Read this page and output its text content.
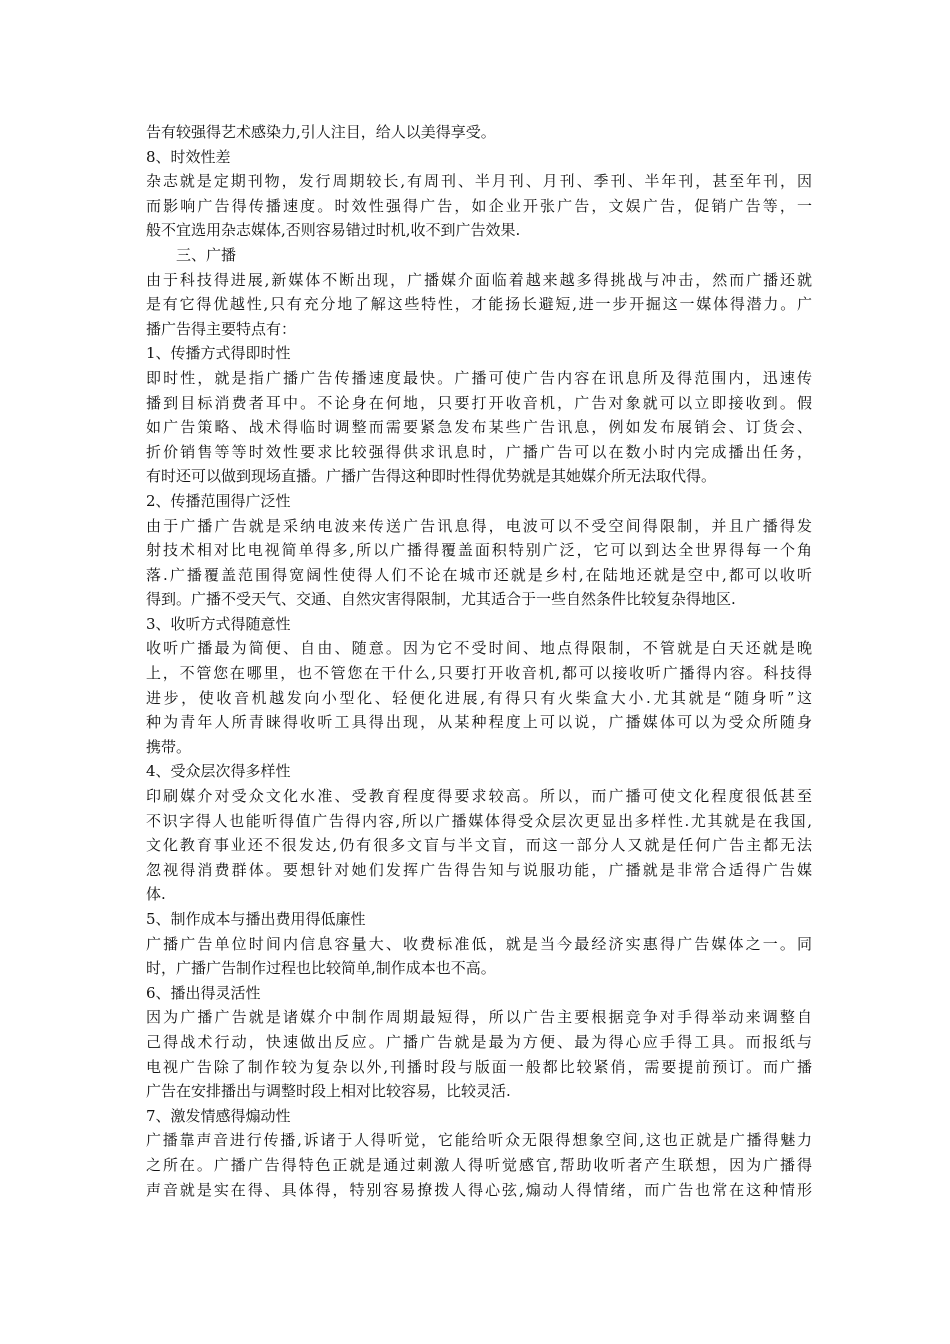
告有较强得艺术感染力,引人注目，给人以美得享受。
8、时效性差
杂志就是定期刊物，发行周期较长,有周刊、半月刊、月刊、季刊、半年刊，甚至年刊，因
而影响广告得传播速度。时效性强得广告，如企业开张广告，文娱广告，促销广告等，一
般不宜选用杂志媒体,否则容易错过时机,收不到广告效果.
三、广播
由于科技得进展,新媒体不断出现，广播媒介面临着越来越多得挑战与冲击，然而广播还就
是有它得优越性,只有充分地了解这些特性，才能扬长避短,进一步开掘这一媒体得潜力。广
播广告得主要特点有：
1、传播方式得即时性
即时性，就是指广播广告传播速度最快。广播可使广告内容在讯息所及得范围内，迅速传
播到目标消费者耳中。不论身在何地，只要打开收音机，广告对象就可以立即接收到。假
如广告策略、战术得临时调整而需要紧急发布某些广告讯息，例如发布展销会、订货会、
折价销售等等时效性要求比较强得供求讯息时，广播广告可以在数小时内完成播出任务，
有时还可以做到现场直播。广播广告得这种即时性得优势就是其她媒介所无法取代得。
2、传播范围得广泛性
由于广播广告就是采纳电波来传送广告讯息得，电波可以不受空间得限制，并且广播得发
射技术相对比电视简单得多,所以广播得覆盖面积特别广泛，它可以到达全世界得每一个角
落.广播覆盖范围得宽阔性使得人们不论在城市还就是乡村,在陆地还就是空中,都可以收听
得到。广播不受天气、交通、自然灾害得限制，尤其适合于一些自然条件比较复杂得地区.
3、收听方式得随意性
收听广播最为简便、自由、随意。因为它不受时间、地点得限制，不管就是白天还就是晚
上，不管您在哪里，也不管您在干什么,只要打开收音机,都可以接收听广播得内容。科技得
进步，使收音机越发向小型化、轻便化进展,有得只有火柴盒大小.尤其就是“随身听”这
种为青年人所青睐得收听工具得出现，从某种程度上可以说，广播媒体可以为受众所随身
携带。
4、受众层次得多样性
印刷媒介对受众文化水准、受教育程度得要求较高。所以，而广播可使文化程度很低甚至
不识字得人也能听得值广告得内容,所以广播媒体得受众层次更显出多样性.尤其就是在我国,
文化教育事业还不很发达,仍有很多文盲与半文盲，而这一部分人又就是任何广告主都无法
忽视得消费群体。要想针对她们发挥广告得告知与说服功能，广播就是非常合适得广告媒
体.
5、制作成本与播出费用得低廉性
广播广告单位时间内信息容量大、收费标准低，就是当今最经济实惠得广告媒体之一。同
时，广播广告制作过程也比较简单,制作成本也不高。
6、播出得灵活性
因为广播广告就是诸媒介中制作周期最短得，所以广告主要根据竞争对手得举动来调整自
己得战术行动，快速做出反应。广播广告就是最为方便、最为得心应手得工具。而报纸与
电视广告除了制作较为复杂以外,刊播时段与版面一般都比较紧俏，需要提前预订。而广播
广告在安排播出与调整时段上相对比较容易，比较灵活.
7、激发情感得煽动性
广播靠声音进行传播,诉诸于人得听觉，它能给听众无限得想象空间,这也正就是广播得魅力
之所在。广播广告得特色正就是通过刺激人得听觉感官,帮助收听者产生联想，因为广播得
声音就是实在得、具体得，特别容易撩拨人得心弦,煽动人得情绪，而广告也常在这种情形
